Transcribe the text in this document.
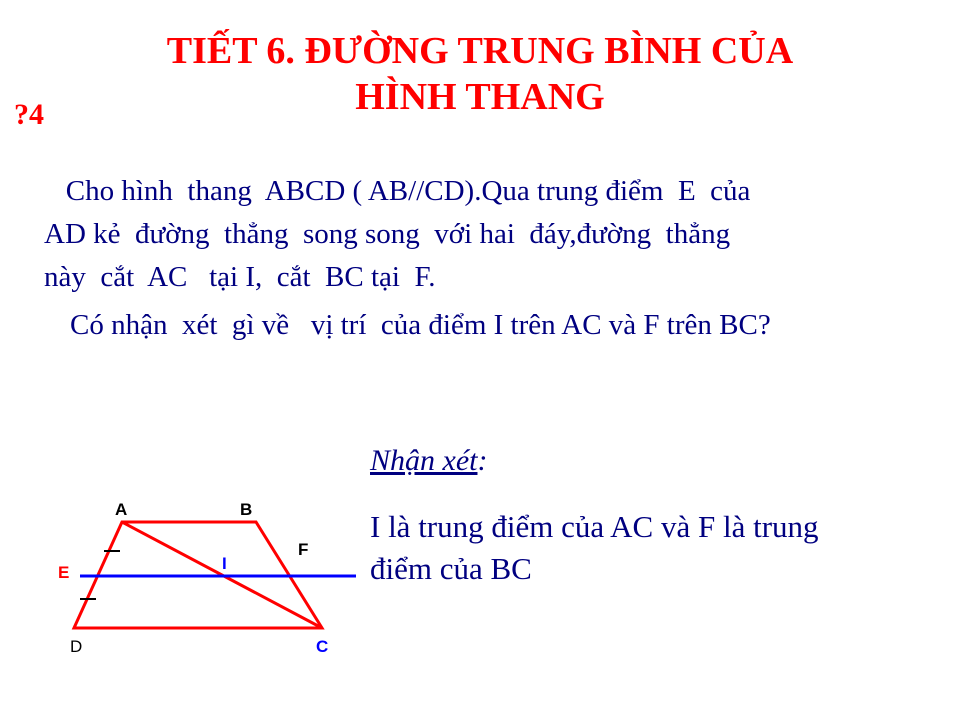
TIẾT 6. ĐƯỜNG TRUNG BÌNH CỦA
HÌNH THANG
?4
Cho hình  thang  ABCD ( AB//CD).Qua trung điểm  E  của
AD kẻ  đường  thẳng  song song  với hai  đáy,đường  thẳng
này  cắt  AC   tại I,  cắt  BC tại  F.
Có nhận  xét  gì về   vị trí  của điểm I trên AC và F trên BC?
Nhận xét:
I là trung điểm của AC và F là trung
điểm của BC
A	B
F
I
E
D	C
